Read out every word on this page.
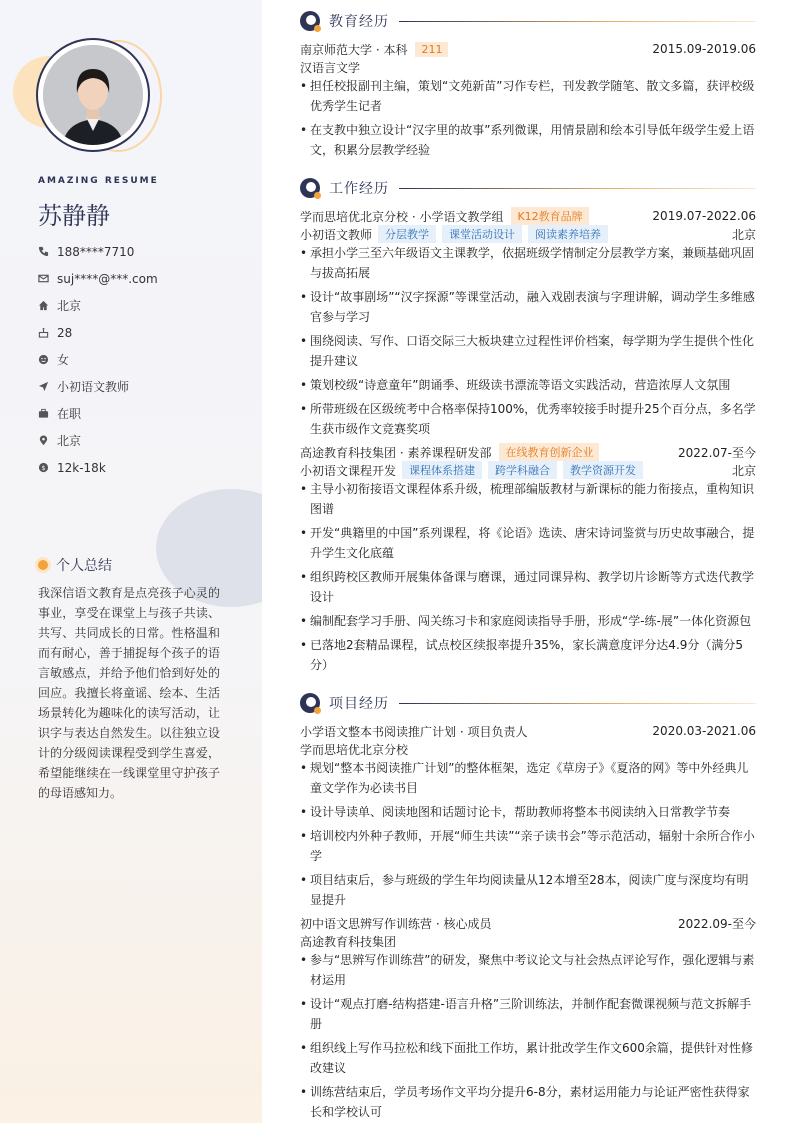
AMAZING RESUME
苏静静
188****7710
suj****@***.com
北京
28
女
小初语文教师
在职
北京
$ 12k-18k
个人总结
我深信语文教育是点亮孩子心灵的事业，享受在课堂上与孩子共读、共写、共同成长的日常。性格温和而有耐心，善于捕捉每个孩子的语言敏感点，并给予他们恰到好处的回应。我擅长将童谣、绘本、生活场景转化为趣味化的读写活动，让识字与表达自然发生。以往独立设计的分级阅读课程受到学生喜爱，希望能继续在一线课堂里守护孩子的母语感知力。
教育经历
南京师范大学 · 本科	211	2015.09-2019.06
汉语言文学
• 担任校报副刊主编，策划“文苑新苗”习作专栏，刊发教学随笔、散文多篇，获评校级优秀学生记者
• 在支教中独立设计“汉字里的故事”系列微课，用情景剧和绘本引导低年级学生爱上语文，积累分层教学经验
工作经历
学而思培优北京分校 · 小学语文教学组	K12教育品牌	2019.07-2022.06
小初语文教师	分层教学	课堂活动设计	阅读素养培养	北京
• 承担小学三至六年级语文主课教学，依据班级学情制定分层教学方案，兼顾基础巩固与拔高拓展
• 设计“故事剧场”“汉字探源”等课堂活动，融入戏剧表演与字理讲解，调动学生多维感官参与学习
• 围绕阅读、写作、口语交际三大板块建立过程性评价档案，每学期为学生提供个性化提升建议
• 策划校级“诗意童年”朗诵季、班级读书漂流等语文实践活动，营造浓厚人文氛围
• 所带班级在区级统考中合格率保持100%，优秀率较接手时提升25个百分点，多名学生获市级作文竞赛奖项
高途教育科技集团 · 素养课程研发部	在线教育创新企业	2022.07-至今
小初语文课程开发	课程体系搭建	跨学科融合	教学资源开发	北京
• 主导小初衔接语文课程体系升级，梳理部编版教材与新课标的能力衔接点，重构知识图谱
• 开发“典籍里的中国”系列课程，将《论语》选读、唐宋诗词鉴赏与历史故事融合，提升学生文化底蕴
• 组织跨校区教师开展集体备课与磨课，通过同课异构、教学切片诊断等方式迭代教学设计
• 编制配套学习手册、闯关练习卡和家庭阅读指导手册，形成“学-练-展”一体化资源包
• 已落地2套精品课程，试点校区续报率提升35%，家长满意度评分达4.9分（满分5分）
项目经历
小学语文整本书阅读推广计划 · 项目负责人	2020.03-2021.06
学而思培优北京分校
• 规划“整本书阅读推广计划”的整体框架，选定《草房子》《夏洛的网》等中外经典儿童文学作为必读书目
• 设计导读单、阅读地图和话题讨论卡，帮助教师将整本书阅读纳入日常教学节奏
• 培训校内外种子教师，开展“师生共读”“亲子读书会”等示范活动，辐射十余所合作小学
• 项目结束后，参与班级的学生年均阅读量从12本增至28本，阅读广度与深度均有明显提升
初中语文思辨写作训练营 · 核心成员	2022.09-至今
高途教育科技集团
• 参与“思辨写作训练营”的研发，聚焦中考议论文与社会热点评论写作，强化逻辑与素材运用
• 设计“观点打磨-结构搭建-语言升格”三阶训练法，并制作配套微课视频与范文拆解手册
• 组织线上写作马拉松和线下面批工作坊，累计批改学生作文600余篇，提供针对性修改建议
• 训练营结束后，学员考场作文平均分提升6-8分，素材运用能力与论证严密性获得家长和学校认可
